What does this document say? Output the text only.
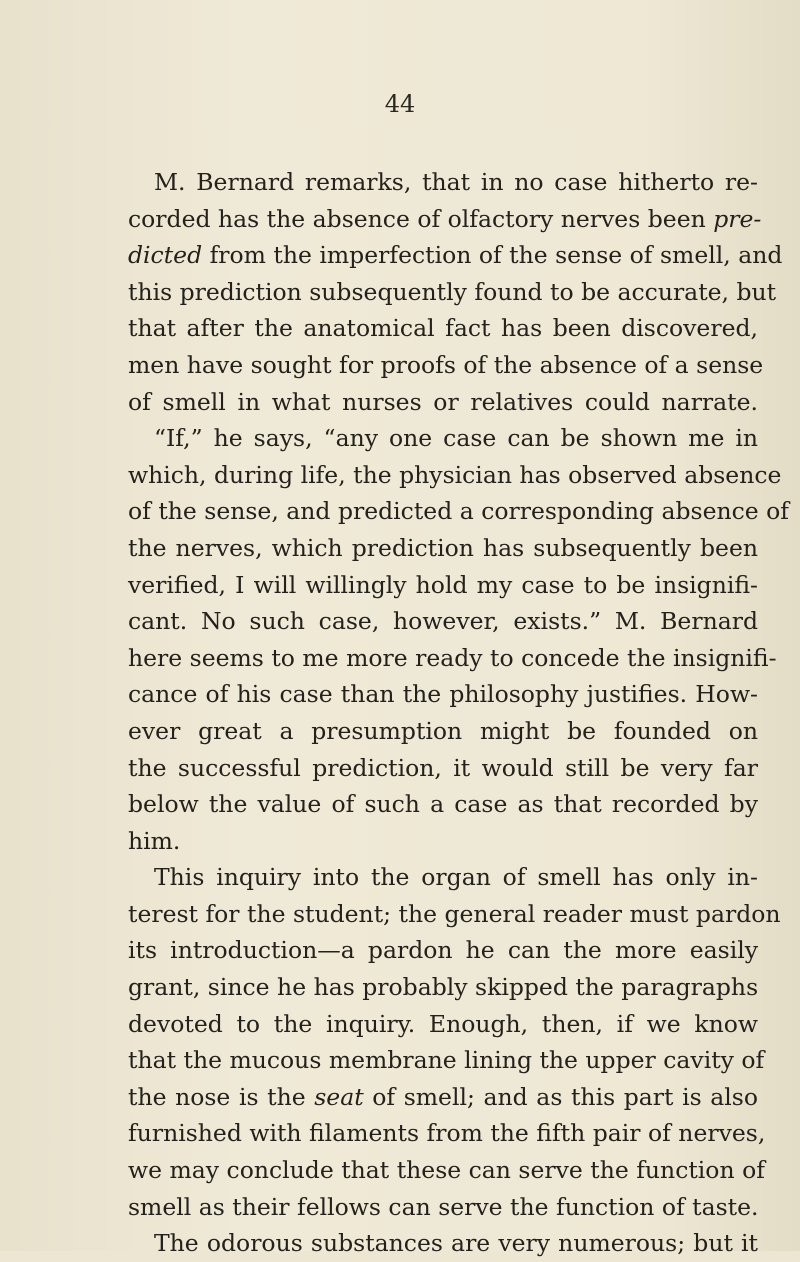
44
M. Bernard remarks, that in no case hitherto re-
corded has the absence of olfactory nerves been pre-
dicted from the imperfection of the sense of smell, and
this prediction subsequently found to be accurate, but
that after the anatomical fact has been discovered,
men have sought for proofs of the absence of a sense
of smell in what nurses or relatives could narrate.
“If,” he says, “any one case can be shown me in
which, during life, the physician has observed absence
of the sense, and predicted a corresponding absence of
the nerves, which prediction has subsequently been
verified, I will willingly hold my case to be insignifi-
cant. No such case, however, exists.” M. Bernard
here seems to me more ready to concede the insignifi-
cance of his case than the philosophy justifies. How-
ever great a presumption might be founded on
the successful prediction, it would still be very far
below the value of such a case as that recorded by
him.
This inquiry into the organ of smell has only in-
terest for the student; the general reader must pardon
its introduction—a pardon he can the more easily
grant, since he has probably skipped the paragraphs
devoted to the inquiry. Enough, then, if we know
that the mucous membrane lining the upper cavity of
the nose is the seat of smell; and as this part is also
furnished with filaments from the fifth pair of nerves,
we may conclude that these can serve the function of
smell as their fellows can serve the function of taste.
The odorous substances are very numerous; but it
